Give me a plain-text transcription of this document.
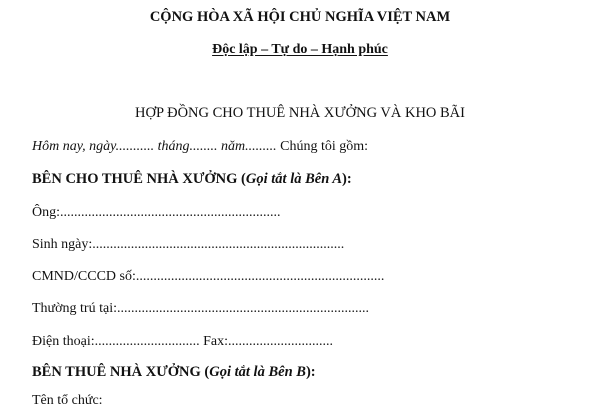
CỘNG HÒA XÃ HỘI CHỦ NGHĨA VIỆT NAM
Độc lập – Tự do – Hạnh phúc
HỢP ĐỒNG CHO THUÊ NHÀ XƯỞNG VÀ KHO BÃI
Hôm nay, ngày........... tháng........ năm......... Chúng tôi gồm:
BÊN CHO THUÊ NHÀ XƯỞNG (Gọi tắt là Bên A):
Ông:...............................................................
Sinh ngày:........................................................................
CMND/CCCD số:.......................................................................
Thường trú tại:........................................................................
Điện thoại:.............................. Fax:..............................
BÊN THUÊ NHÀ XƯỞNG (Gọi tắt là Bên B):
Tên tổ chức:
